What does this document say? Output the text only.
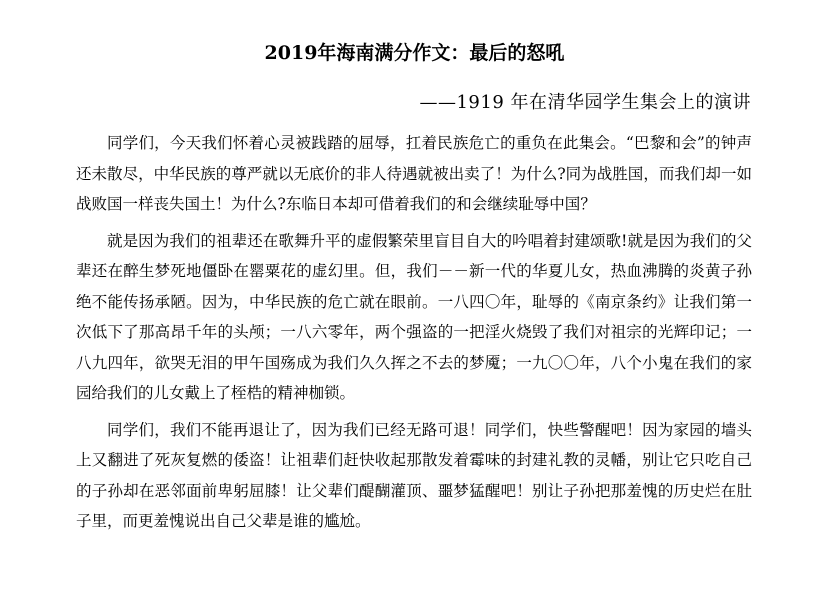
2019年海南满分作文：最后的怒吼
——1919 年在清华园学生集会上的演讲

同学们，今天我们怀着心灵被践踏的屈辱，扛着民族危亡的重负在此集会。“巴黎和会”的钟声还未散尽，中华民族的尊严就以无底价的非人待遇就被出卖了！为什么?同为战胜国，而我们却一如战败国一样丧失国土！为什么?东临日本却可借着我们的和会继续耻辱中国？

就是因为我们的祖辈还在歌舞升平的虚假繁荣里盲目自大的吟唱着封建颂歌!就是因为我们的父辈还在醉生梦死地僵卧在罂粟花的虚幻里。但，我们－－新一代的华夏儿女，热血沸腾的炎黄子孙绝不能传扬承陋。因为，中华民族的危亡就在眼前。一八四〇年，耻辱的《南京条约》让我们第一次低下了那高昂千年的头颅；一八六零年，两个强盗的一把淫火烧毁了我们对祖宗的光辉印记；一八九四年，欲哭无泪的甲午国殇成为我们久久挥之不去的梦魇；一九〇〇年，八个小鬼在我们的家园给我们的儿女戴上了桎梏的精神枷锁。

同学们，我们不能再退让了，因为我们已经无路可退！同学们，快些警醒吧！因为家园的墙头上又翻进了死灰复燃的倭盗！让祖辈们赶快收起那散发着霉味的封建礼教的灵幡，别让它只吃自己的子孙却在恶邻面前卑躬屈膝！让父辈们醍醐灌顶、噩梦猛醒吧！别让子孙把那羞愧的历史烂在肚子里，而更羞愧说出自己父辈是谁的尴尬。
